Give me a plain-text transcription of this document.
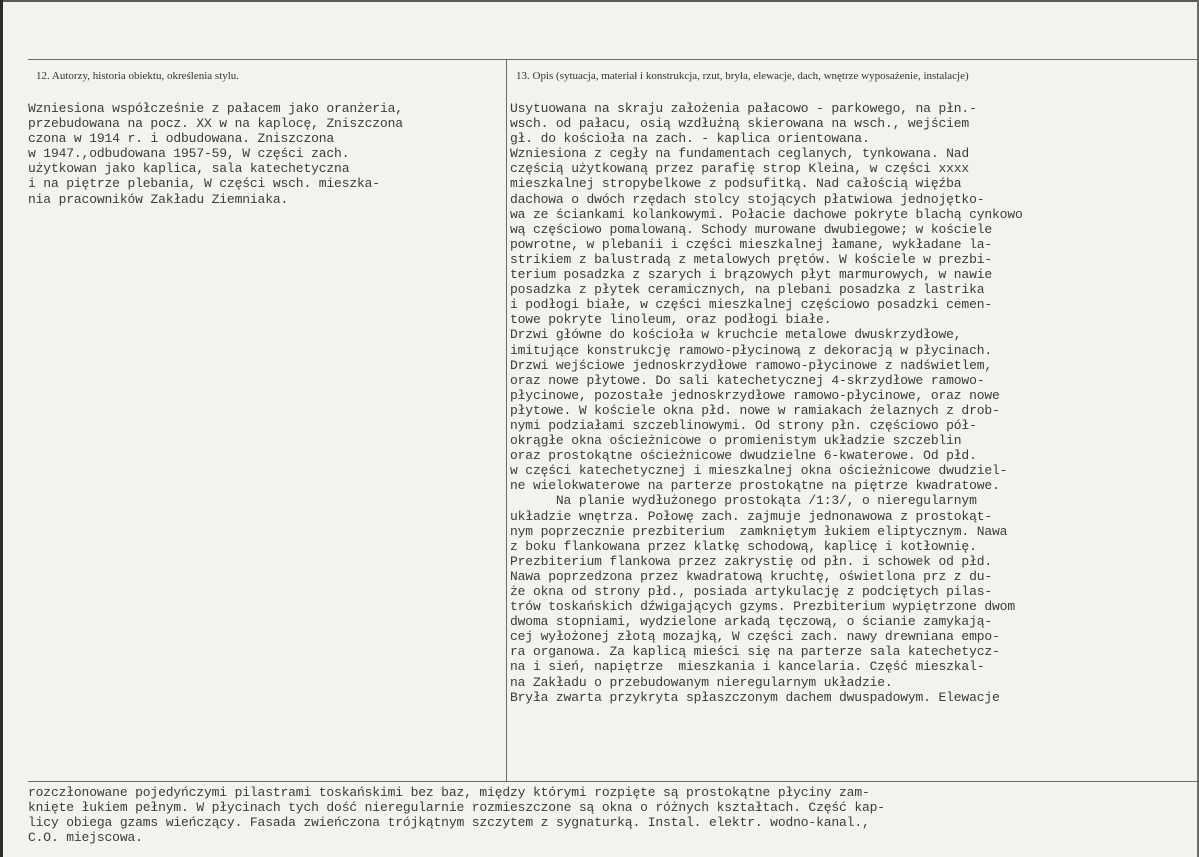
12. Autorzy, historia obiektu, określenia stylu.	13. Opis (sytuacja, materiał i konstrukcja, rzut, bryła, elewacje, dach, wnętrze wyposażenie, instalacje)
Wzniesiona współcześnie z pałacem jako oranżeria,
przebudowana na pocz. XX w na kaplocę, Zniszczona
czona w 1914 r. i odbudowana. Zniszczona
w 1947.,odbudowana 1957-59, W części zach.
użytkowan jako kaplica, sala katechetyczna
i na piętrze plebania, W części wsch. mieszka-
nia pracowników Zakładu Ziemniaka.
Usytuowana na skraju założenia pałacowo - parkowego, na płn.-
wsch. od pałacu, osią wzdłużną skierowana na wsch., wejściem
gł. do kościoła na zach. - kaplica orientowana.
Wzniesiona z cegły na fundamentach ceglanych, tynkowana. Nad
częścią użytkowaną przez parafię strop Kleina, w części xxxx
mieszkalnej stropybelkowe z podsufitką. Nad całością więźba
dachowa o dwóch rzędach stolcy stojących płatwiowa jednojętko-
wa ze ściankami kolankowymi. Połacie dachowe pokryte blachą cynkowo
wą częściowo pomalowaną. Schody murowane dwubiegowe; w kościele
powrotne, w plebanii i części mieszkalnej łamane, wykładane la-
strikiem z balustradą z metalowych prętów. W kościele w prezbi-
terium posadzka z szarych i brązowych płyt marmurowych, w nawie
posadzka z płytek ceramicznych, na plebani posadzka z lastrika
i podłogi białe, w części mieszkalnej częściowo posadzki cemen-
towe pokryte linoleum, oraz podłogi białe.
Drzwi główne do kościoła w kruchcie metalowe dwuskrzydłowe,
imitujące konstrukcję ramowo-płycinową z dekoracją w płycinach.
Drzwi wejściowe jednoskrzydłowe ramowo-płycinowe z nadświetlem,
oraz nowe płytowe. Do sali katechetycznej 4-skrzydłowe ramowo-
płycinowe, pozostałe jednoskrzydłowe ramowo-płycinowe, oraz nowe
płytowe. W kościele okna płd. nowe w ramiakach żelaznych z drob-
nymi podziałami szczeblinowymi. Od strony płn. częściowo pół-
okrągłe okna ościeżnicowe o promienistym układzie szczeblin
oraz prostokątne ościeżnicowe dwudzielne 6-kwaterowe. Od płd.
w części katechetycznej i mieszkalnej okna ościeżnicowe dwudziel-
ne wielokwaterowe na parterze prostokątne na piętrze kwadratowe.
Na planie wydłużonego prostokąta /1:3/, o nieregularnym
układzie wnętrza. Połowę zach. zajmuje jednonawowa z prostokąt-
nym poprzecznie prezbiterium  zamkniętym łukiem eliptycznym. Nawa
z boku flankowana przez klatkę schodową, kaplicę i kotłownię.
Prezbiterium flankowa przez zakrystię od płn. i schowek od płd.
Nawa poprzedzona przez kwadratową kruchtę, oświetlona prz z du-
że okna od strony płd., posiada artykulację z podciętych pilas-
trów toskańskich dźwigających gzyms. Prezbiterium wypiętrzone dwom
dwoma stopniami, wydzielone arkadą tęczową, o ścianie zamykają-
cej wyłożonej złotą mozajką, W części zach. nawy drewniana empo-
ra organowa. Za kaplicą mieści się na parterze sala katechetycz-
na i sień, napiętrze  mieszkania i kancelaria. Część mieszkal-
na Zakładu o przebudowanym nieregularnym układzie.
Bryła zwarta przykryta spłaszczonym dachem dwuspadowym. Elewacje
rozczłonowane pojedyńczymi pilastrami toskańskimi bez baz, między którymi rozpięte są prostokątne płyciny zam-
knięte łukiem pełnym. W płycinach tych dość nieregularnie rozmieszczone są okna o różnych kształtach. Część kap-
licy obiega gzams wieńczący. Fasada zwieńczona trójkątnym szczytem z sygnaturką. Instal. elektr. wodno-kanal.,
C.O. miejscowa.
